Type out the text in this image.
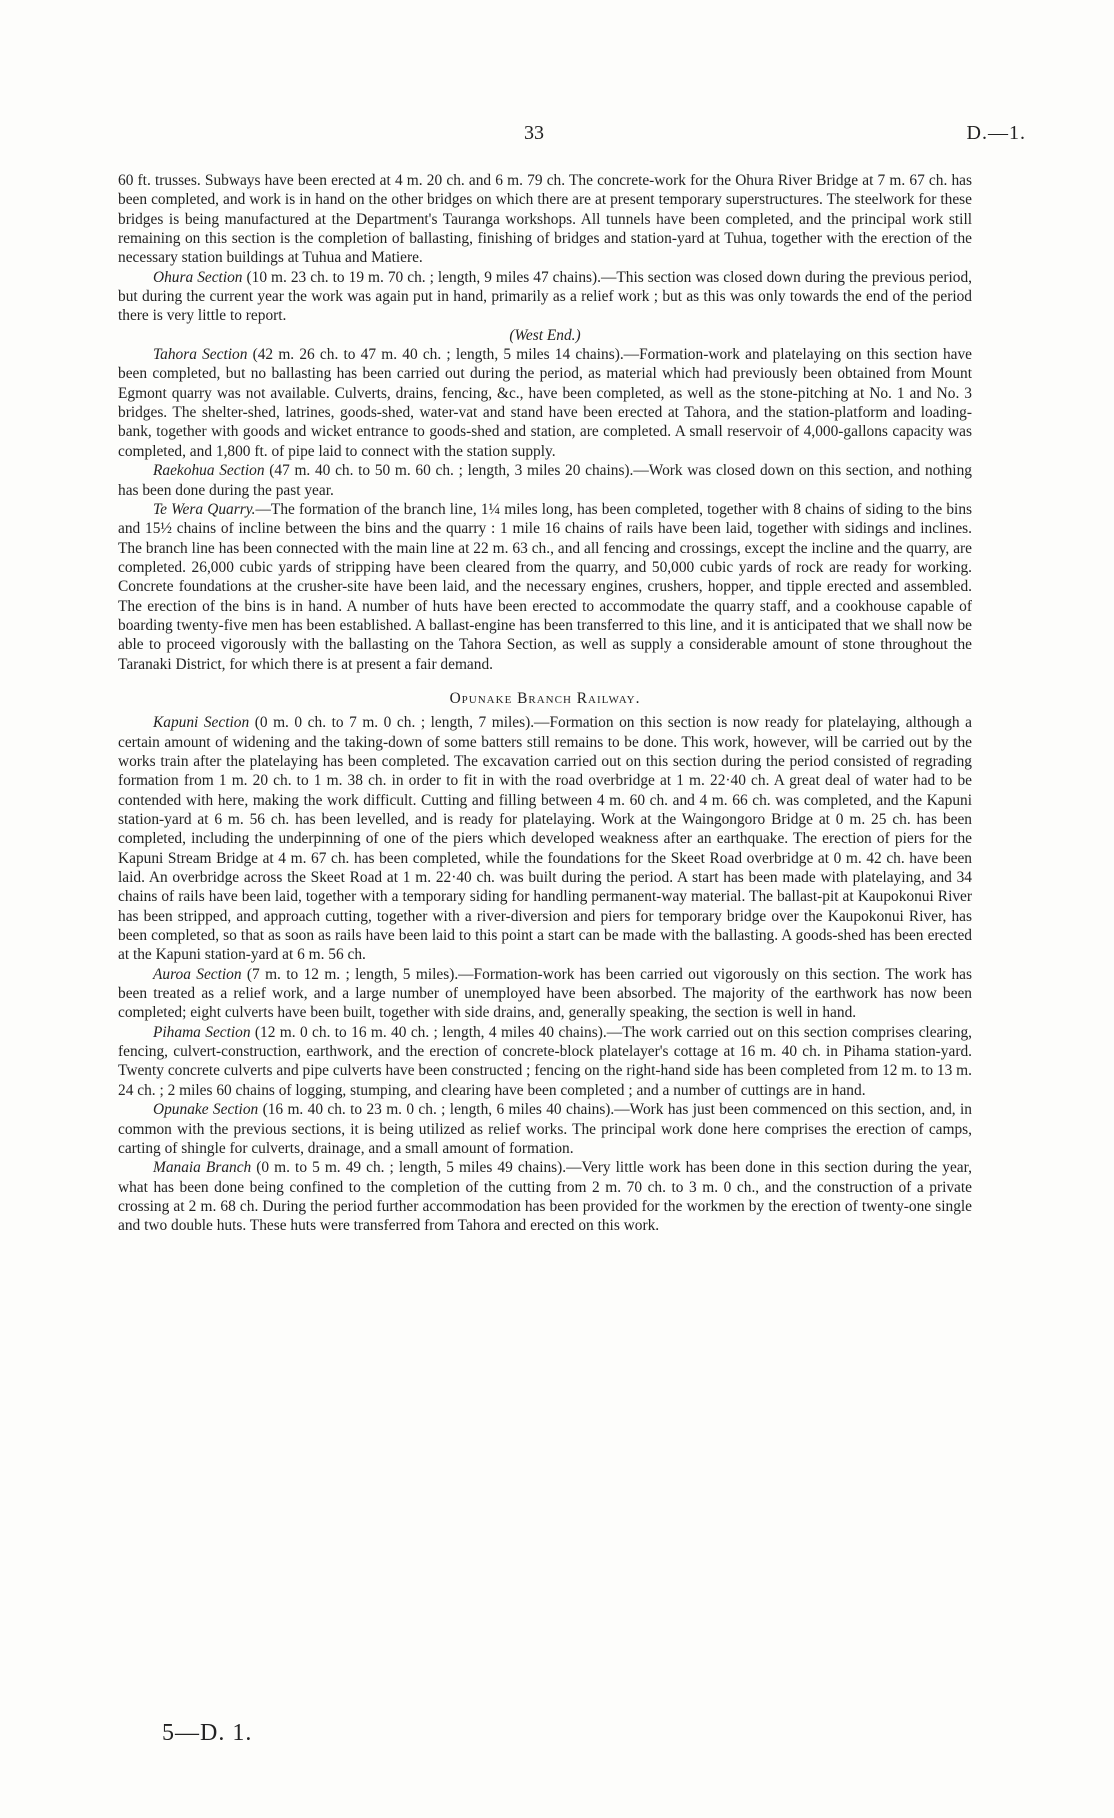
33	D.—1.

60 ft. trusses. Subways have been erected at 4 m. 20 ch. and 6 m. 79 ch. The concrete-work for the Ohura River Bridge at 7 m. 67 ch. has been completed, and work is in hand on the other bridges on which there are at present temporary superstructures. The steelwork for these bridges is being manufactured at the Department's Tauranga workshops. All tunnels have been completed, and the principal work still remaining on this section is the completion of ballasting, finishing of bridges and station-yard at Tuhua, together with the erection of the necessary station buildings at Tuhua and Matiere.

Ohura Section (10 m. 23 ch. to 19 m. 70 ch. ; length, 9 miles 47 chains).—This section was closed down during the previous period, but during the current year the work was again put in hand, primarily as a relief work ; but as this was only towards the end of the period there is very little to report.

(West End.)

Tahora Section (42 m. 26 ch. to 47 m. 40 ch. ; length, 5 miles 14 chains).—Formation-work and platelaying on this section have been completed, but no ballasting has been carried out during the period, as material which had previously been obtained from Mount Egmont quarry was not available. Culverts, drains, fencing, &c., have been completed, as well as the stone-pitching at No. 1 and No. 3 bridges. The shelter-shed, latrines, goods-shed, water-vat and stand have been erected at Tahora, and the station-platform and loading-bank, together with goods and wicket entrance to goods-shed and station, are completed. A small reservoir of 4,000-gallons capacity was completed, and 1,800 ft. of pipe laid to connect with the station supply.

Raekohua Section (47 m. 40 ch. to 50 m. 60 ch. ; length, 3 miles 20 chains).—Work was closed down on this section, and nothing has been done during the past year.

Te Wera Quarry.—The formation of the branch line, 1¼ miles long, has been completed, together with 8 chains of siding to the bins and 15½ chains of incline between the bins and the quarry : 1 mile 16 chains of rails have been laid, together with sidings and inclines. The branch line has been connected with the main line at 22 m. 63 ch., and all fencing and crossings, except the incline and the quarry, are completed. 26,000 cubic yards of stripping have been cleared from the quarry, and 50,000 cubic yards of rock are ready for working. Concrete foundations at the crusher-site have been laid, and the necessary engines, crushers, hopper, and tipple erected and assembled. The erection of the bins is in hand. A number of huts have been erected to accommodate the quarry staff, and a cookhouse capable of boarding twenty-five men has been established. A ballast-engine has been transferred to this line, and it is anticipated that we shall now be able to proceed vigorously with the ballasting on the Tahora Section, as well as supply a considerable amount of stone throughout the Taranaki District, for which there is at present a fair demand.

Opunake Branch Railway.

Kapuni Section (0 m. 0 ch. to 7 m. 0 ch. ; length, 7 miles).—Formation on this section is now ready for platelaying, although a certain amount of widening and the taking-down of some batters still remains to be done. This work, however, will be carried out by the works train after the platelaying has been completed. The excavation carried out on this section during the period consisted of regrading formation from 1 m. 20 ch. to 1 m. 38 ch. in order to fit in with the road overbridge at 1 m. 22·40 ch. A great deal of water had to be contended with here, making the work difficult. Cutting and filling between 4 m. 60 ch. and 4 m. 66 ch. was completed, and the Kapuni station-yard at 6 m. 56 ch. has been levelled, and is ready for platelaying. Work at the Waingongoro Bridge at 0 m. 25 ch. has been completed, including the underpinning of one of the piers which developed weakness after an earthquake. The erection of piers for the Kapuni Stream Bridge at 4 m. 67 ch. has been completed, while the foundations for the Skeet Road overbridge at 0 m. 42 ch. have been laid. An overbridge across the Skeet Road at 1 m. 22·40 ch. was built during the period. A start has been made with platelaying, and 34 chains of rails have been laid, together with a temporary siding for handling permanent-way material. The ballast-pit at Kaupokonui River has been stripped, and approach cutting, together with a river-diversion and piers for temporary bridge over the Kaupokonui River, has been completed, so that as soon as rails have been laid to this point a start can be made with the ballasting. A goods-shed has been erected at the Kapuni station-yard at 6 m. 56 ch.

Auroa Section (7 m. to 12 m. ; length, 5 miles).—Formation-work has been carried out vigorously on this section. The work has been treated as a relief work, and a large number of unemployed have been absorbed. The majority of the earthwork has now been completed; eight culverts have been built, together with side drains, and, generally speaking, the section is well in hand.

Pihama Section (12 m. 0 ch. to 16 m. 40 ch. ; length, 4 miles 40 chains).—The work carried out on this section comprises clearing, fencing, culvert-construction, earthwork, and the erection of concrete-block platelayer's cottage at 16 m. 40 ch. in Pihama station-yard. Twenty concrete culverts and pipe culverts have been constructed ; fencing on the right-hand side has been completed from 12 m. to 13 m. 24 ch. ; 2 miles 60 chains of logging, stumping, and clearing have been completed ; and a number of cuttings are in hand.

Opunake Section (16 m. 40 ch. to 23 m. 0 ch. ; length, 6 miles 40 chains).—Work has just been commenced on this section, and, in common with the previous sections, it is being utilized as relief works. The principal work done here comprises the erection of camps, carting of shingle for culverts, drainage, and a small amount of formation.

Manaia Branch (0 m. to 5 m. 49 ch. ; length, 5 miles 49 chains).—Very little work has been done in this section during the year, what has been done being confined to the completion of the cutting from 2 m. 70 ch. to 3 m. 0 ch., and the construction of a private crossing at 2 m. 68 ch. During the period further accommodation has been provided for the workmen by the erection of twenty-one single and two double huts. These huts were transferred from Tahora and erected on this work.

5—D. 1.
